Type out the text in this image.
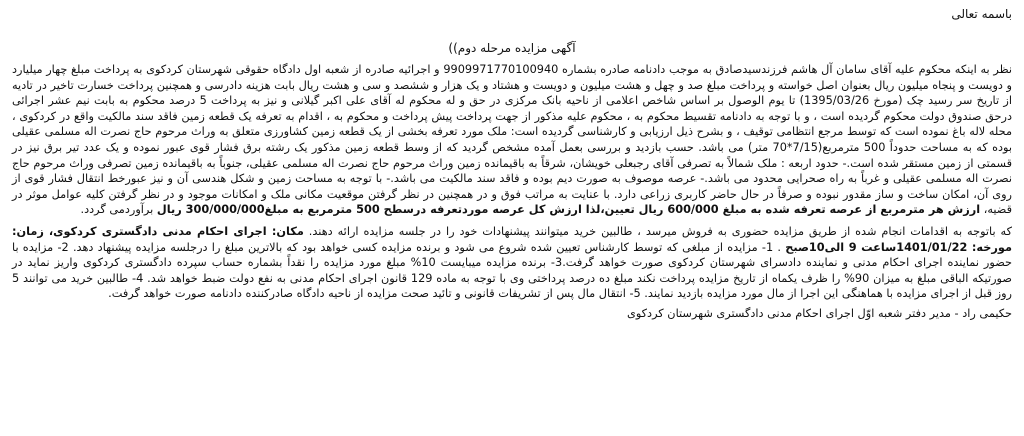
باسمه تعالی

آگهی مزایده مرحله دوم))

نظر به اینکه محکوم علیه آقای سامان آل هاشم فرزندسیدصادق به موجب دادنامه صادره بشماره 9909971770100940 و اجرائیه صادره از شعبه اول دادگاه حقوقی شهرستان کردکوی به پرداخت مبلغ چهار میلیارد و دویست و پنجاه میلیون ریال بعنوان اصل خواسته و پرداخت مبلغ صد و چهل و هشت میلیون و دویست و هشتاد و یک هزار و ششصد و سی و هشت ریال بابت هزینه دادرسی و همچنین پرداخت خسارت تاخیر در تادیه از تاریخ سر رسید چک (مورخ 1395/03/26) تا یوم الوصول بر اساس شاخص اعلامی از ناحیه بانک مرکزی در حق و له محکوم له آقای علی اکبر گیلانی و نیز به پرداخت 5 درصد محکوم به بابت نیم عشر اجرائی درحق صندوق دولت محکوم گردیده است ، و با توجه به دادنامه تقسیط محکوم به ، محکوم علیه مذکور از جهت پرداخت پیش پرداخت و محکوم به ، اقدام به تعرفه یک قطعه زمین فاقد سند مالکیت واقع در کردکوی ، محله لاله باغ نموده است که توسط مرجع انتظامی توقیف ، و بشرح ذیل ارزیابی و کارشناسی گردیده است: ملک مورد تعرفه بخشی از یک قطعه زمین کشاورزی متعلق به وراث مرحوم حاج نصرت اله مسلمی عقیلی بوده که به مساحت حدوداً 500 مترمربع(7/15*70 متر) می باشد. حسب بازدید و بررسی بعمل آمده مشخص گردید که از وسط قطعه زمین مذکور یک رشته برق فشار قوی عبور نموده و یک عدد تیر برق نیز در قسمتی از زمین مستقر شده است.- حدود اربعه : ملک شمالاً به تصرفی آقای رجبعلی خویشان، شرقاً به باقیمانده زمین وراث مرحوم حاج نصرت اله مسلمی عقیلی، جنوباً به باقیمانده زمین تصرفی وراث مرحوم حاج نصرت اله مسلمی عقیلی و غرباً به راه صحرایی محدود می باشد.- عرصه موصوف به صورت دیم بوده و فاقد سند مالکیت می باشد.- با توجه به مساحت زمین و شکل هندسی آن و نیز عبورخط انتقال فشار قوی از روی آن، امکان ساخت و ساز مقدور نبوده و صرفاً در حال حاضر کاربری زراعی دارد. با عنایت به مراتب فوق و در همچنین در نظر گرفتن موقعیت مکانی ملک و امکانات موجود و در نظر گرفتن کلیه عوامل موثر در قضیه، ارزش هر مترمربع از عرصه تعرفه شده به مبلغ 600/000 ریال تعیین،لذا ارزش کل عرصه موردتعرفه درسطح 500 مترمربع به مبلغ300/000/000 ریال برآوردمی گردد.

که باتوجه به اقدامات انجام شده از طریق مزایده حضوری به فروش میرسد ، طالبین خرید میتوانند پیشنهادات خود را در جلسه مزایده ارائه دهند. مکان: اجرای احکام مدنی دادگستری کردکوی، زمان: مورخه: 1401/01/22ساعت 9 الی10صبح . 1- مزایده از مبلغی که توسط کارشناس تعیین شده شروع می شود و برنده مزایده کسی خواهد بود که بالاترین مبلغ را درجلسه مزایده پیشنهاد دهد. 2- مزایده با حضور نماینده اجرای احکام مدنی و نماینده دادسرای شهرستان کردکوی صورت خواهد گرفت.3- برنده مزایده میبایست 10% مبلغ مورد مزایده را نقداً بشماره حساب سپرده دادگستری کردکوی واریز نماید در صورتیکه الباقی مبلغ به میزان 90% را ظرف یکماه از تاریخ مزایده پرداخت نکند مبلغ ده درصد پرداختی وی با توجه به ماده 129 قانون اجرای احکام مدنی به نفع دولت ضبط خواهد شد. 4- طالبین خرید می توانند 5 روز قبل از اجرای مزایده با هماهنگی این اجرا از مال مورد مزایده بازدید نمایند. 5- انتقال مال پس از تشریفات قانونی و تائید صحت مزایده از ناحیه دادگاه صادرکننده دادنامه صورت خواهد گرفت.

حکیمی راد - مدیر دفتر شعبه اوّل اجرای احکام مدنی دادگستری شهرستان کردکوی
